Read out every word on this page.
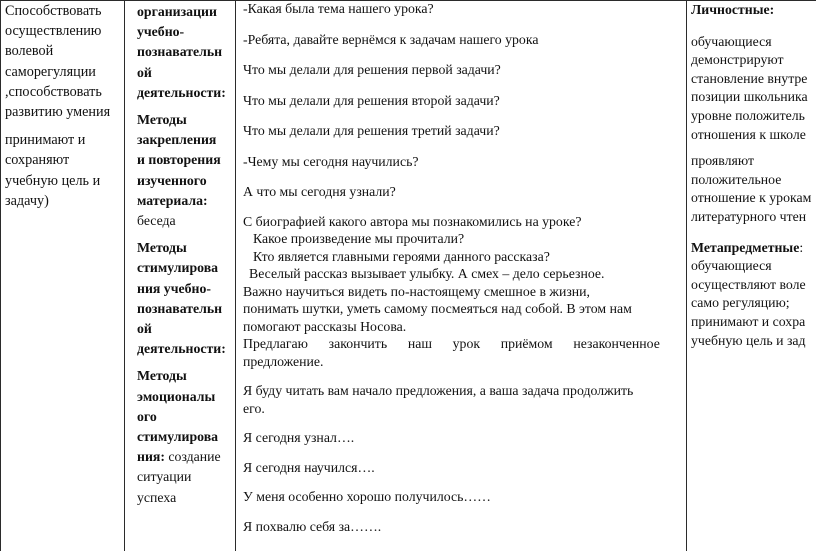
Способствовать
осуществлению
волевой
саморегуляции
,способствовать
развитию умения
принимают и
сохраняют
учебную цель и
задачу)
организации
учебно-
познавательн
ой
деятельности:
Методы
закрепления
и повторения
изученного
материала:
беседа
Методы
стимулирова
ния учебно-
познавательн
ой
деятельности:
Методы
эмоционалы
ого
стимулирова
ния: создание
ситуации
успеха
-Какая была тема нашего урока?
-Ребята, давайте вернёмся к задачам нашего урока
Что мы делали для решения первой задачи?
Что мы делали для решения второй задачи?
Что мы делали для решения третий задачи?
-Чему мы сегодня научились?
А что мы сегодня узнали?
С биографией какого автора мы познакомились на уроке?
Какое произведение мы прочитали?
Кто является главными героями данного рассказа?
Веселый рассказ вызывает улыбку. А смех – дело серьезное.
Важно научиться видеть по-настоящему смешное в жизни,
понимать шутки, уметь самому посмеяться над собой. В этом нам
помогают рассказы Носова.
Предлагаю      закончить      наш      урок      приёмом      незаконченное
предложение.
Я буду читать вам начало предложения, а ваша задача продолжить
его.
Я сегодня узнал….
Я сегодня научился….
У меня особенно хорошо получилось……
Я похвалю себя за…….
Личностные:
обучающиеся
демонстрируют
становление внутре
позиции школьника
уровне положитель
отношения к школе
проявляют
положительное
отношение к урокам
литературного чтен
Метапредметные:
обучающиеся
осуществляют воле
само регуляцию;
принимают и сохра
учебную цель и зад
